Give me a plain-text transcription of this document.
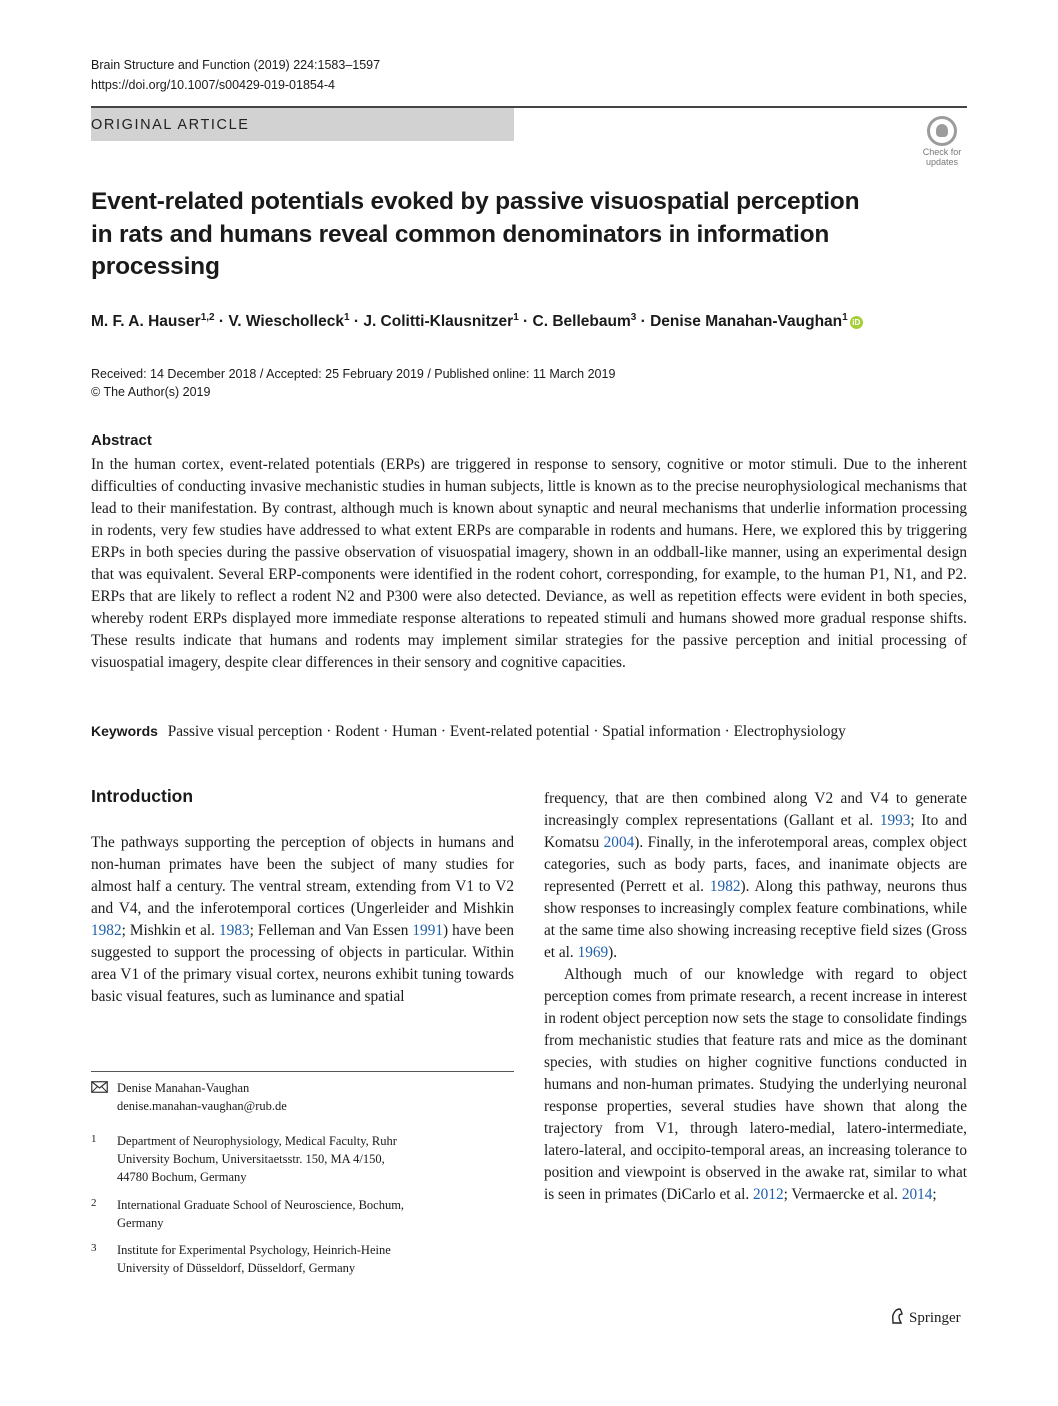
Brain Structure and Function (2019) 224:1583–1597
https://doi.org/10.1007/s00429-019-01854-4
ORIGINAL ARTICLE
Check for
updates
Event-related potentials evoked by passive visuospatial perception
in rats and humans reveal common denominators in information
processing
M. F. A. Hauser$^{1,2}$ · V. Wiescholleck$^1$ · J. Colitti-Klausnitzer$^1$ · C. Bellebaum$^3$ · Denise Manahan-Vaughan$^1$ iD
Received: 14 December 2018 / Accepted: 25 February 2019 / Published online: 11 March 2019
© The Author(s) 2019
Abstract
In the human cortex, event-related potentials (ERPs) are triggered in response to sensory, cognitive or motor stimuli. Due to the inherent difficulties of conducting invasive mechanistic studies in human subjects, little is known as to the precise neurophysiological mechanisms that lead to their manifestation. By contrast, although much is known about synaptic and neural mechanisms that underlie information processing in rodents, very few studies have addressed to what extent ERPs are comparable in rodents and humans. Here, we explored this by triggering ERPs in both species during the passive observation of visuospatial imagery, shown in an oddball-like manner, using an experimental design that was equivalent. Several ERP-components were identified in the rodent cohort, corresponding, for example, to the human P1, N1, and P2. ERPs that are likely to reflect a rodent N2 and P300 were also detected. Deviance, as well as repetition effects were evident in both species, whereby rodent ERPs displayed more immediate response alterations to repeated stimuli and humans showed more gradual response shifts. These results indicate that humans and rodents may implement similar strategies for the passive perception and initial processing of visuospatial imagery, despite clear differences in their sensory and cognitive capacities.
Keywords Passive visual perception · Rodent · Human · Event-related potential · Spatial information · Electrophysiology
Introduction

The pathways supporting the perception of objects in humans and non-human primates have been the subject of many studies for almost half a century. The ventral stream, extending from V1 to V2 and V4, and the inferotemporal cortices (Ungerleider and Mishkin 1982; Mishkin et al. 1983; Felleman and Van Essen 1991) have been suggested to support the processing of objects in particular. Within area V1 of the primary visual cortex, neurons exhibit tuning towards basic visual features, such as luminance and spatial

frequency, that are then combined along V2 and V4 to generate increasingly complex representations (Gallant et al. 1993; Ito and Komatsu 2004). Finally, in the inferotemporal areas, complex object categories, such as body parts, faces, and inanimate objects are represented (Perrett et al. 1982). Along this pathway, neurons thus show responses to increasingly complex feature combinations, while at the same time also showing increasing receptive field sizes (Gross et al. 1969).

Although much of our knowledge with regard to object perception comes from primate research, a recent increase in interest in rodent object perception now sets the stage to consolidate findings from mechanistic studies that feature rats and mice as the dominant species, with studies on higher cognitive functions conducted in humans and non-human primates. Studying the underlying neuronal response properties, several studies have shown that along the trajectory from V1, through latero-medial, latero-intermediate, latero-lateral, and occipito-temporal areas, an increasing tolerance to position and viewpoint is observed in the awake rat, similar to what is seen in primates (DiCarlo et al. 2012; Vermaercke et al. 2014;

Denise Manahan-Vaughan
denise.manahan-vaughan@rub.de
1 Department of Neurophysiology, Medical Faculty, Ruhr
University Bochum, Universitaetsstr. 150, MA 4/150,
44780 Bochum, Germany
2 International Graduate School of Neuroscience, Bochum,
Germany
3 Institute for Experimental Psychology, Heinrich-Heine
University of Düsseldorf, Düsseldorf, Germany
Springer
